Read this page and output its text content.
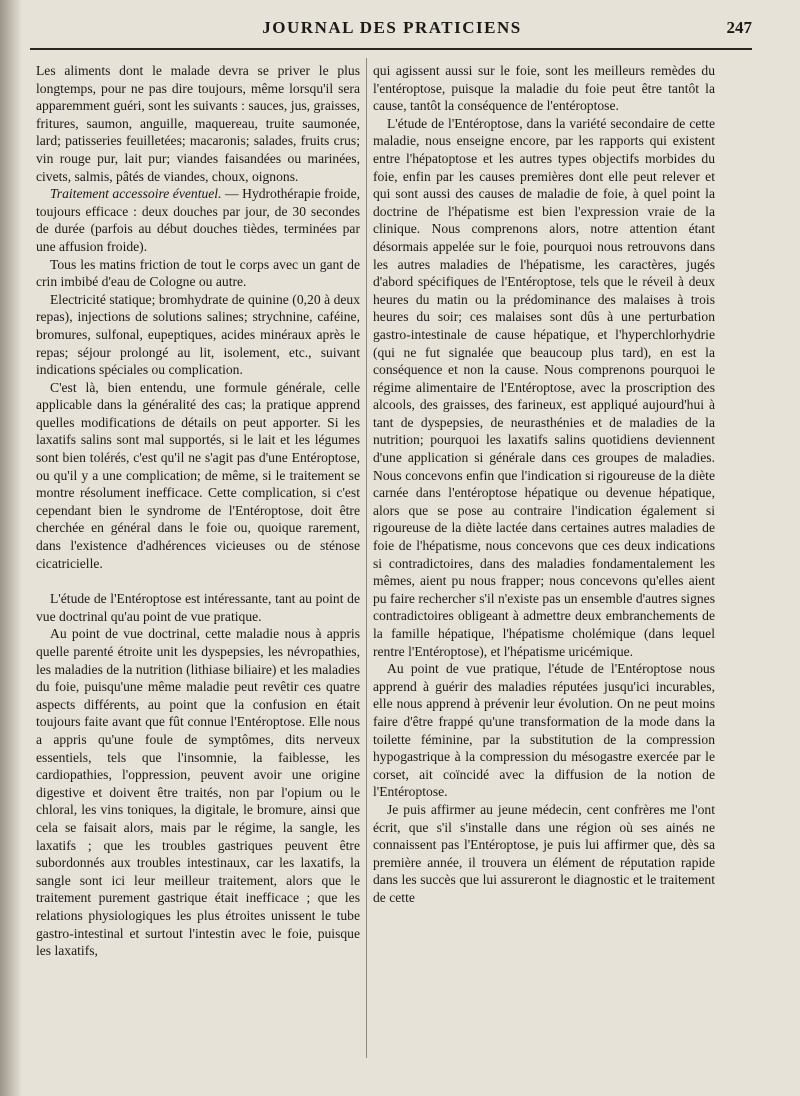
JOURNAL DES PRATICIENS	247

Les aliments dont le malade devra se priver le plus longtemps, pour ne pas dire toujours, même lorsqu'il sera apparemment guéri, sont les suivants : sauces, jus, graisses, fritures, saumon, anguille, maquereau, truite saumonée, lard; patisseries feuilletées; macaronis; salades, fruits crus; vin rouge pur, lait pur; viandes faisandées ou marinées, civets, salmis, pâtés de viandes, choux, oignons.

Traitement accessoire éventuel. — Hydrothérapie froide, toujours efficace : deux douches par jour, de 30 secondes de durée (parfois au début douches tièdes, terminées par une affusion froide).

Tous les matins friction de tout le corps avec un gant de crin imbibé d'eau de Cologne ou autre.

Electricité statique; bromhydrate de quinine (0,20 à deux repas), injections de solutions salines; strychnine, caféine, bromures, sulfonal, eupeptiques, acides minéraux après le repas; séjour prolongé au lit, isolement, etc., suivant indications spéciales ou complication.

C'est là, bien entendu, une formule générale, celle applicable dans la généralité des cas; la pratique apprend quelles modifications de détails on peut apporter. Si les laxatifs salins sont mal supportés, si le lait et les légumes sont bien tolérés, c'est qu'il ne s'agit pas d'une Entéroptose, ou qu'il y a une complication; de même, si le traitement se montre résolument inefficace. Cette complication, si c'est cependant bien le syndrome de l'Entéroptose, doit être cherchée en général dans le foie ou, quoique rarement, dans l'existence d'adhérences vicieuses ou de sténose cicatricielle.

L'étude de l'Entéroptose est intéressante, tant au point de vue doctrinal qu'au point de vue pratique.

Au point de vue doctrinal, cette maladie nous à appris quelle parenté étroite unit les dyspepsies, les névropathies, les maladies de la nutrition (lithiase biliaire) et les maladies du foie, puisqu'une même maladie peut revêtir ces quatre aspects différents, au point que la confusion en était toujours faite avant que fût connue l'Entéroptose. Elle nous a appris qu'une foule de symptômes, dits nerveux essentiels, tels que l'insomnie, la faiblesse, les cardiopathies, l'oppression, peuvent avoir une origine digestive et doivent être traités, non par l'opium ou le chloral, les vins toniques, la digitale, le bromure, ainsi que cela se faisait alors, mais par le régime, la sangle, les laxatifs ; que les troubles gastriques peuvent être subordonnés aux troubles intestinaux, car les laxatifs, la sangle sont ici leur meilleur traitement, alors que le traitement purement gastrique était inefficace ; que les relations physiologiques les plus étroites unissent le tube gastro-intestinal et surtout l'intestin avec le foie, puisque les laxatifs,

qui agissent aussi sur le foie, sont les meilleurs remèdes du l'entéroptose, puisque la maladie du foie peut être tantôt la cause, tantôt la conséquence de l'entéroptose.

L'étude de l'Entéroptose, dans la variété secondaire de cette maladie, nous enseigne encore, par les rapports qui existent entre l'hépatoptose et les autres types objectifs morbides du foie, enfin par les causes premières dont elle peut relever et qui sont aussi des causes de maladie de foie, à quel point la doctrine de l'hépatisme est bien l'expression vraie de la clinique. Nous comprenons alors, notre attention étant désormais appelée sur le foie, pourquoi nous retrouvons dans les autres maladies de l'hépatisme, les caractères, jugés d'abord spécifiques de l'Entéroptose, tels que le réveil à deux heures du matin ou la prédominance des malaises à trois heures du soir; ces malaises sont dûs à une perturbation gastro-intestinale de cause hépatique, et l'hyperchlorhydrie (qui ne fut signalée que beaucoup plus tard), en est la conséquence et non la cause. Nous comprenons pourquoi le régime alimentaire de l'Entéroptose, avec la proscription des alcools, des graisses, des farineux, est appliqué aujourd'hui à tant de dyspepsies, de neurasthénies et de maladies de la nutrition; pourquoi les laxatifs salins quotidiens deviennent d'une application si générale dans ces groupes de maladies. Nous concevons enfin que l'indication si rigoureuse de la diète carnée dans l'entéroptose hépatique ou devenue hépatique, alors que se pose au contraire l'indication également si rigoureuse de la diète lactée dans certaines autres maladies de foie de l'hépatisme, nous concevons que ces deux indications si contradictoires, dans des maladies fondamentalement les mêmes, aient pu nous frapper; nous concevons qu'elles aient pu faire rechercher s'il n'existe pas un ensemble d'autres signes contradictoires obligeant à admettre deux embranchements de la famille hépatique, l'hépatisme cholémique (dans lequel rentre l'Entéroptose), et l'hépatisme uricémique.

Au point de vue pratique, l'étude de l'Entéroptose nous apprend à guérir des maladies réputées jusqu'ici incurables, elle nous apprend à prévenir leur évolution. On ne peut moins faire d'être frappé qu'une transformation de la mode dans la toilette féminine, par la substitution de la compression hypogastrique à la compression du mésogastre exercée par le corset, ait coïncidé avec la diffusion de la notion de l'Entéroptose.

Je puis affirmer au jeune médecin, cent confrères me l'ont écrit, que s'il s'installe dans une région où ses ainés ne connaissent pas l'Entéroptose, je puis lui affirmer que, dès sa première année, il trouvera un élément de réputation rapide dans les succès que lui assureront le diagnostic et le traitement de cette
